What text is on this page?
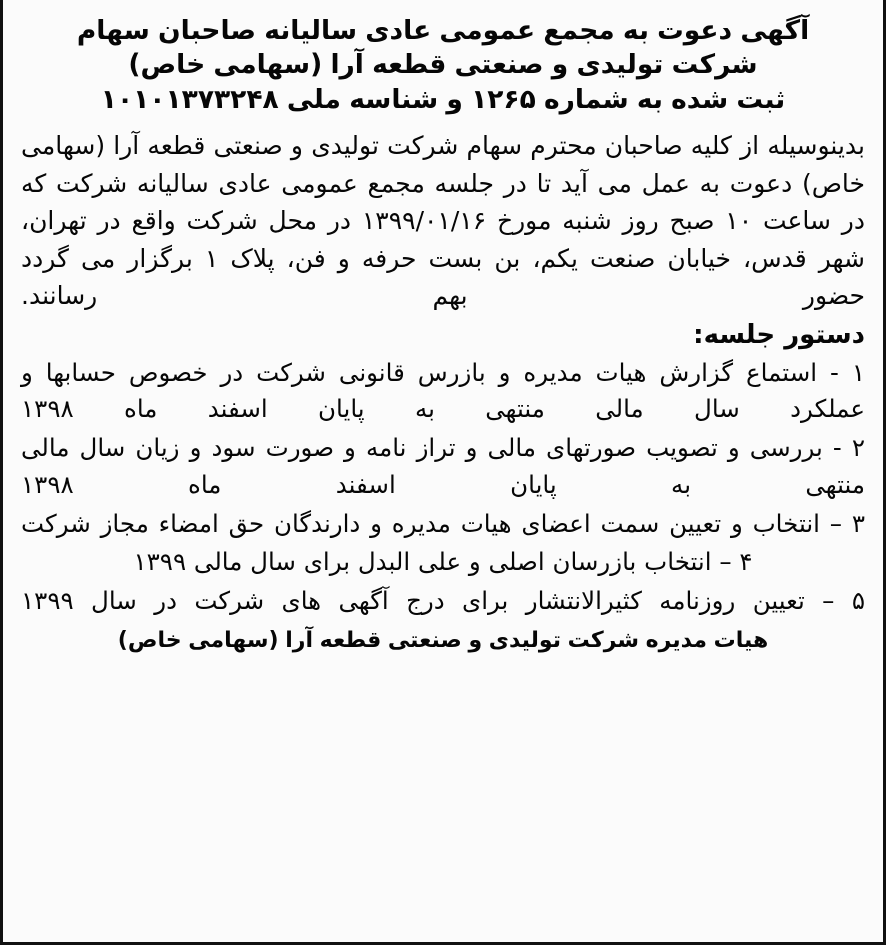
آگهی دعوت به مجمع عمومی عادی سالیانه صاحبان سهام
شرکت تولیدی و صنعتی قطعه آرا (سهامی خاص)
ثبت شده به شماره ۱۲۶۵ و شناسه ملی ۱۰۱۰۱۳۷۳۲۴۸

بدینوسیله از کلیه صاحبان محترم سهام شرکت تولیدی و صنعتی قطعه آرا (سهامی خاص) دعوت به عمل می آید تا در جلسه مجمع عمومی عادی سالیانه شرکت که در ساعت ۱۰ صبح روز شنبه مورخ ۱۳۹۹/۰۱/۱۶ در محل شرکت واقع در تهران، شهر قدس، خیابان صنعت یکم، بن بست حرفه و فن، پلاک ۱ برگزار می گردد حضور بهم رسانند.

دستور جلسه:
۱ - استماع گزارش هیات مدیره و بازرس قانونی شرکت در خصوص حسابها و عملکرد سال مالی منتهی به پایان اسفند ماه ۱۳۹۸
۲ - بررسی و تصویب صورتهای مالی و تراز نامه و صورت سود و زیان سال مالی منتهی به پایان اسفند ماه ۱۳۹۸
۳ – انتخاب و تعیین سمت اعضای هیات مدیره و دارندگان حق امضاء مجاز شرکت
۴ – انتخاب بازرسان اصلی و علی البدل برای سال مالی ۱۳۹۹
۵ – تعیین روزنامه کثیرالانتشار برای درج آگهی های شرکت در سال ۱۳۹۹
هیات مدیره شرکت تولیدی و صنعتی قطعه آرا (سهامی خاص)
